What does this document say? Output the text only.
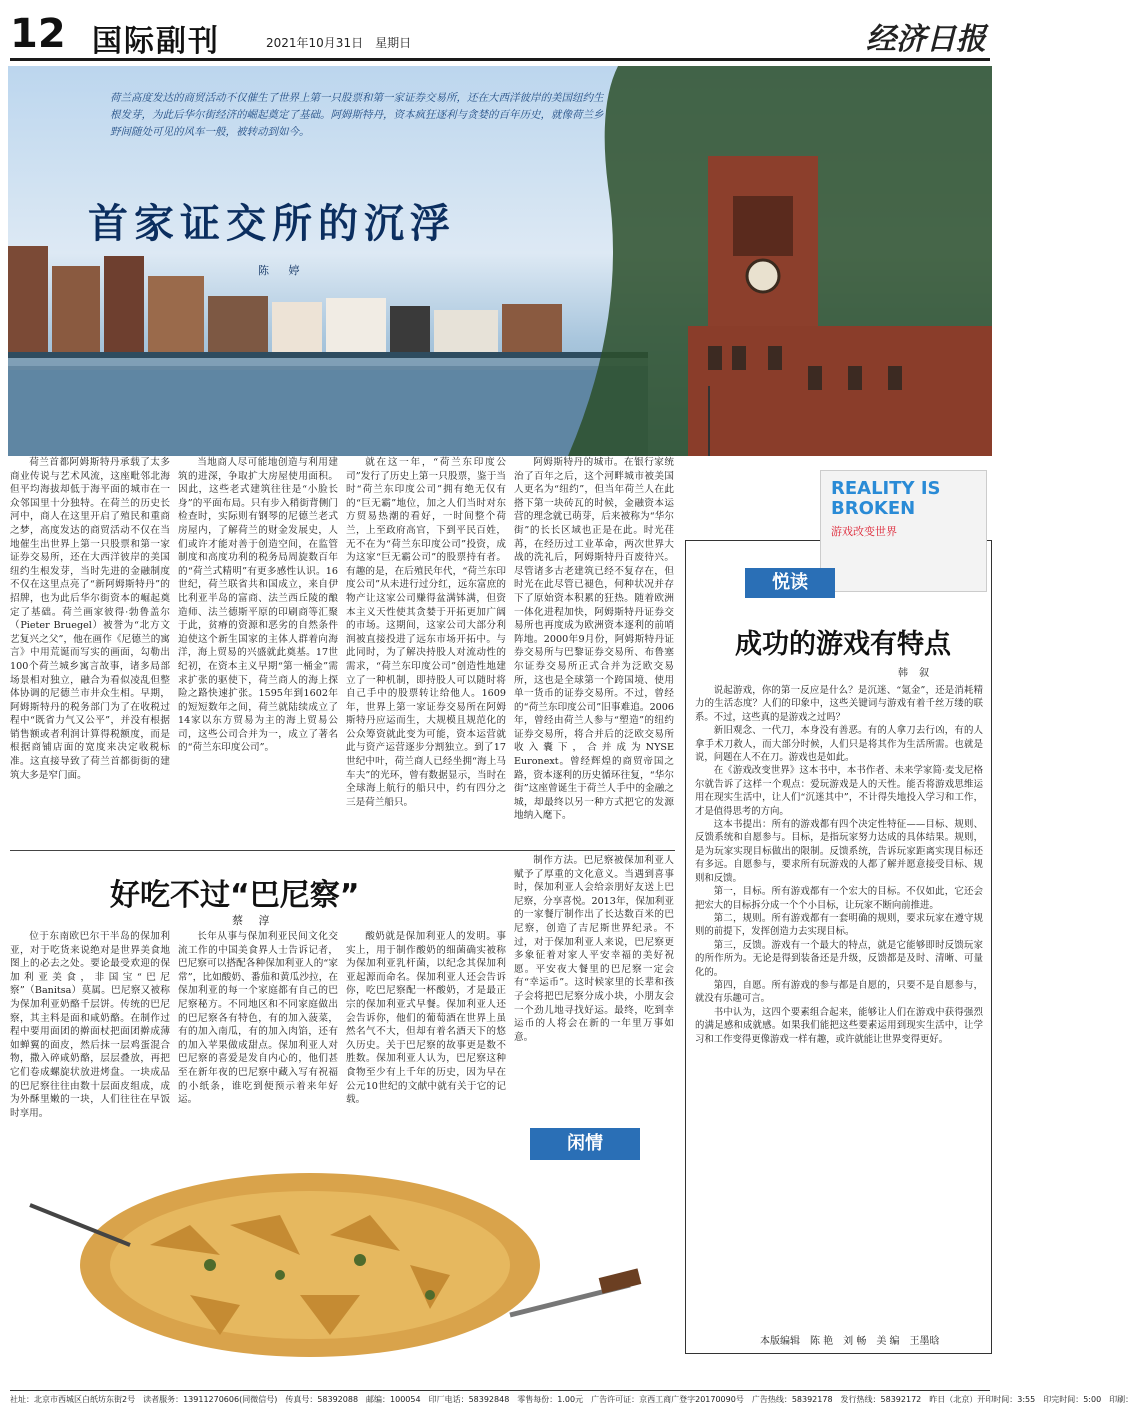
12 国际副刊	2021年10月31日　星期日	经济日报
荷兰高度发达的商贸活动不仅催生了世界上第一只股票和第一家证券交易所，还在大西洋彼岸的美国纽约生根发芽，为此后华尔街经济的崛起奠定了基础。阿姆斯特丹，资本疯狂逐利与贪婪的百年历史，就像荷兰乡野间随处可见的风车一般，被转动到如今。
首家证交所的沉浮
陈 婷

荷兰首都阿姆斯特丹承载了太多商业传说与艺术风流，这座毗邻北海但平均海拔却低于海平面的城市在一众邻国里十分独特。在荷兰的历史长河中，商人在这里开启了殖民和重商之梦，高度发达的商贸活动不仅在当地催生出世界上第一只股票和第一家证券交易所，还在大西洋彼岸的美国纽约生根发芽，当时先进的金融制度不仅在这里点亮了“新阿姆斯特丹”的招牌，也为此后华尔街资本的崛起奠定了基础。荷兰画家彼得·勃鲁盖尔（Pieter Bruegel）被誉为“北方文艺复兴之父”，他在画作《尼德兰的寓言》中用荒诞而写实的画面，勾勒出100个荷兰城乡寓言故事，诸多局部场景相对独立，融合为看似凌乱但整体协调的尼德兰市井众生相。早期，阿姆斯特丹的税务部门为了在收税过程中“既省力气又公平”，并没有根据销售额或者利润计算得税额度，而是根据商铺店面的宽度来决定收税标准。这直接导致了荷兰首都街街的建筑大多是窄门面。

当地商人尽可能地创造与利用建筑的进深，争取扩大房屋使用面积。因此，这些老式建筑往往是“小脸长身”的平面布局。只有步入稍街背侧门检查时，实际则有钢琴的尼德兰老式房屋内，了解荷兰的财金发展史，人们或许才能对善于创造空间，在监管制度和高度功利的税务局周旋数百年的“荷兰式精明”有更多感性认识。16世纪，荷兰联省共和国成立，来自伊比利亚半岛的富商、法兰西丘陵的酿造师、法兰德斯平原的印刷商等汇聚于此，贫瘠的资源和恶劣的自然条件迫使这个新生国家的主体人群着向海洋，海上贸易的兴盛就此奠基。17世纪初，在资本主义早期“第一桶金”需求扩张的驱使下，荷兰商人的海上探险之路快速扩张。1595年到1602年的短短数年之间，荷兰就陆续成立了14家以东方贸易为主的海上贸易公司，这些公司合并为一，成立了著名的“荷兰东印度公司”。

就在这一年，“荷兰东印度公司”发行了历史上第一只股票，鉴于当时“荷兰东印度公司”拥有绝无仅有的“巨无霸”地位，加之人们当时对东方贸易热潮的看好，一时间整个荷兰，上至政府高官，下到平民百姓，无不在为“荷兰东印度公司”投资，成为这家“巨无霸公司”的股票持有者。有趣的是，在后殖民年代，“荷兰东印度公司”从未进行过分红，远东富庶的物产让这家公司赚得盆满钵满，但资本主义天性使其贪婪于开拓更加广阔的市场。这期间，这家公司大部分利润被直接投进了远东市场开拓中。与此同时，为了解决持股人对流动性的需求，“荷兰东印度公司”创造性地建立了一种机制，即持股人可以随时将自己手中的股票转让给他人。1609年，世界上第一家证券交易所在阿姆斯特丹应运而生，大规模且规范化的公众筹资就此变为可能，资本运营就此与资产运营逐步分割独立。到了17世纪中叶，荷兰商人已经坐拥“海上马车夫”的光环，曾有数据显示，当时在全球海上航行的船只中，约有四分之三是荷兰船只。

阿姆斯特丹的城市。在银行家统治了百年之后，这个河畔城市被美国人更名为“纽约”，但当年荷兰人在此搭下第一块砖瓦的时候，金融资本运营的理念就已萌芽，后来被称为“华尔街”的长长区域也正是在此。时光荏苒，在经历过工业革命，两次世界大战的洗礼后，阿姆斯特丹百废待兴。尽管诸多古老建筑已经不复存在，但时光在此尽管已褪色，何种状况并存下了原始资本积累的狂热。随着欧洲一体化进程加快，阿姆斯特丹证券交易所也再度成为欧洲资本逐利的前哨阵地。2000年9月份，阿姆斯特丹证券交易所与巴黎证券交易所、布鲁塞尔证券交易所正式合并为泛欧交易所，这也是全球第一个跨国境、使用单一货币的证券交易所。不过，曾经的“荷兰东印度公司”旧事难追。2006年，曾经由荷兰人参与“塑造”的纽约证券交易所，将合并后的泛欧交易所收入囊下，合并成为NYSE Euronext。曾经辉煌的商贸帝国之路，资本逐利的历史循环往复，“华尔街”这座曾诞生于荷兰人手中的金融之城，却最终以另一种方式把它的发源地纳入麾下。

好吃不过“巴尼察”
蔡 淳

位于东南欧巴尔干半岛的保加利亚，对于吃货来说绝对是世界美食地图上的必去之处。要论最受欢迎的保加利亚美食，非国宝“巴尼察”（Banitsa）莫属。巴尼察又被称为保加利亚奶酪千层饼。传统的巴尼察，其主料是面和咸奶酪。在制作过程中要用面团的擀面杖把面团擀成薄如蝉翼的面皮，然后抹一层鸡蛋混合物，撒入碎咸奶酪，层层叠放，再把它们卷成螺旋状放进烤盘。一块成品的巴尼察往往由数十层面皮组成，成为外酥里嫩的一块，人们往往在早饭时享用。

长年从事与保加利亚民间文化交流工作的中国美食界人士告诉记者，巴尼察可以搭配各种保加利亚人的“家常”，比如酸奶、番茄和黄瓜沙拉，在保加利亚的每一个家庭都有自己的巴尼察秘方。不同地区和不同家庭做出的巴尼察各有特色，有的加入菠菜，有的加入南瓜，有的加入肉馅，还有的加入苹果做成甜点。保加利亚人对巴尼察的喜爱是发自内心的，他们甚至在新年夜的巴尼察中藏入写有祝福的小纸条，谁吃到便预示着来年好运。

酸奶就是保加利亚人的发明。事实上，用于制作酸奶的细菌确实被称为保加利亚乳杆菌，以纪念其保加利亚起源而命名。保加利亚人还会告诉你，吃巴尼察配一杯酸奶，才是最正宗的保加利亚式早餐。保加利亚人还会告诉你，他们的葡萄酒在世界上虽然名气不大，但却有着名酒天下的悠久历史。关于巴尼察的故事更是数不胜数。保加利亚人认为，巴尼察这种食物至少有上千年的历史，因为早在公元10世纪的文献中就有关于它的记载。

制作方法。巴尼察被保加利亚人赋予了厚重的文化意义。当遇到喜事时，保加利亚人会给亲朋好友送上巴尼察，分享喜悦。2013年，保加利亚的一家餐厅制作出了长达数百米的巴尼察，创造了吉尼斯世界纪录。不过，对于保加利亚人来说，巴尼察更多象征着对家人平安幸福的美好祝愿。平安夜大餐里的巴尼察一定会有“幸运币”。这时候家里的长辈和孩子会将把巴尼察分成小块，小朋友会一个劲儿地寻找好运。最终，吃到幸运币的人将会在新的一年里万事如意。

闲情
REALITY IS BROKEN
游戏改变世界
悦读
成功的游戏有特点
韩 叙

说起游戏，你的第一反应是什么？是沉迷、“氪金”，还是消耗精力的生活态度？人们的印象中，这些关键词与游戏有着千丝万缕的联系。不过，这些真的是游戏之过吗？

新旧观念、一代刀，本身没有善恶。有的人拿刀去行凶，有的人拿手术刀救人，而大部分时候，人们只是将其作为生活所需。也就是说，问题在人不在刀。游戏也是如此。

在《游戏改变世界》这本书中，本书作者、未来学家简·麦戈尼格尔就告诉了这样一个观点：爱玩游戏是人的天性。能否将游戏思维运用在现实生活中，让人们“沉迷其中”，不计得失地投入学习和工作，才是值得思考的方向。

这本书提出：所有的游戏都有四个决定性特征——目标、规则、反馈系统和自愿参与。目标，是指玩家努力达成的具体结果。规则，是为玩家实现目标做出的限制。反馈系统，告诉玩家距离实现目标还有多远。自愿参与，要求所有玩游戏的人都了解并愿意接受目标、规则和反馈。

第一，目标。所有游戏都有一个宏大的目标。不仅如此，它还会把宏大的目标拆分成一个个小目标，让玩家不断向前推进。

第二，规则。所有游戏都有一套明确的规则，要求玩家在遵守规则的前提下，发挥创造力去实现目标。

第三，反馈。游戏有一个最大的特点，就是它能够即时反馈玩家的所作所为。无论是得到装备还是升级，反馈都是及时、清晰、可量化的。

第四，自愿。所有游戏的参与都是自愿的，只要不是自愿参与，就没有乐趣可言。

书中认为，这四个要素组合起来，能够让人们在游戏中获得强烈的满足感和成就感。如果我们能把这些要素运用到现实生活中，让学习和工作变得更像游戏一样有趣，或许就能让世界变得更好。

本版编辑　陈 艳　刘 畅　美 编　王墨晗
社址：北京市西城区白纸坊东街2号　读者服务：13911270606(同微信号)　传真号：58392088　邮编：100054　印厂电话：58392848　零售每份：1.00元　广告许可证：京西工商广登字20170090号　广告热线：58392178　发行热线：58392172　昨日（北京）开印时间：3:55　印完时间：5:00　印刷：
